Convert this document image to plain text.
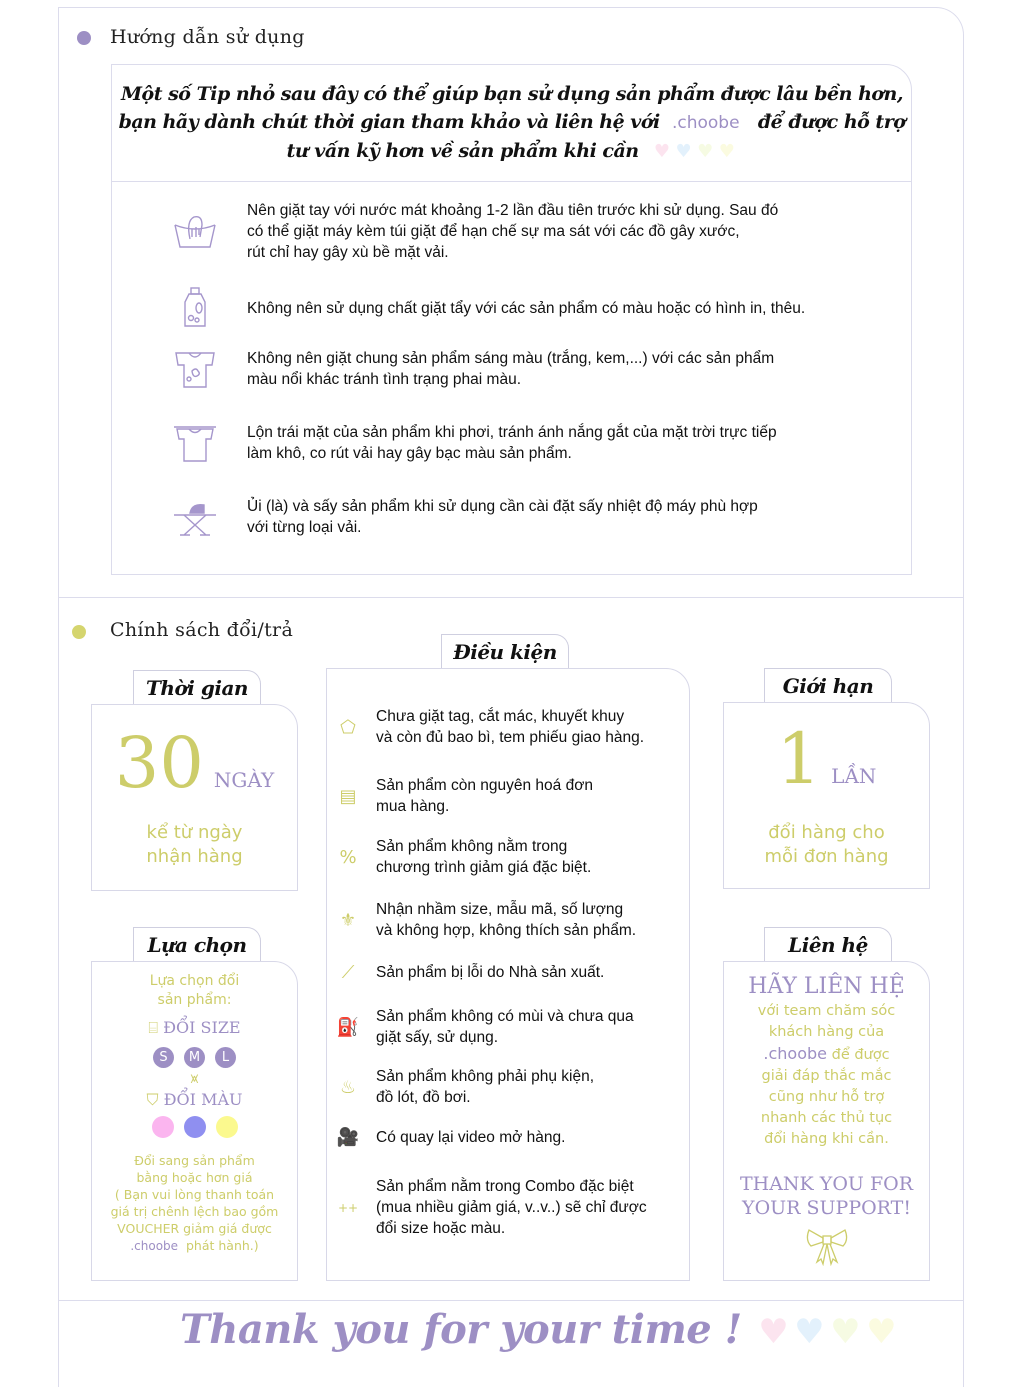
Hướng dẫn sử dụng
Một số Tip nhỏ sau đây có thể giúp bạn sử dụng sản phẩm được lâu bền hơn,
bạn hãy dành chút thời gian tham khảo và liên hệ với .choobe để được hỗ trợ
tư vấn kỹ hơn về sản phẩm khi cần ♥ ♥ ♥ ♥
Nên giặt tay với nước mát khoảng 1-2 lần đầu tiên trước khi sử dụng. Sau đó
có thể giặt máy kèm túi giặt để hạn chế sự ma sát với các đồ gây xước,
rút chỉ hay gây xù bề mặt vải.
Không nên sử dụng chất giặt tẩy với các sản phẩm có màu hoặc có hình in, thêu.
Không nên giặt chung sản phẩm sáng màu (trắng, kem,...) với các sản phẩm
màu nổi khác tránh tình trạng phai màu.
Lộn trái mặt của sản phẩm khi phơi, tránh ánh nắng gắt của mặt trời trực tiếp
làm khô, co rút vải hay gây bạc màu sản phẩm.
Ủi (là) và sấy sản phẩm khi sử dụng cần cài đặt sấy nhiệt độ máy phù hợp
với từng loại vải.
Chính sách đổi/trả
Thời gian
30 NGÀY
kể từ ngày
nhận hàng
Điều kiện
⬠	Chưa giặt tag, cắt mác, khuyết khuy
và còn đủ bao bì, tem phiếu giao hàng.
▤	Sản phẩm còn nguyên hoá đơn
mua hàng.
%	Sản phẩm không nằm trong
chương trình giảm giá đặc biệt.
⚜	Nhận nhầm size, mẫu mã, số lượng
và không hợp, không thích sản phẩm.
⟋	Sản phẩm bị lỗi do Nhà sản xuất.
⛽	Sản phẩm không có mùi và chưa qua
giặt sấy, sử dụng.
♨	Sản phẩm không phải phụ kiện,
đồ lót, đồ bơi.
🎥	Có quay lại video mở hàng.
++
Sản phẩm nằm trong Combo đặc biệt
(mua nhiều giảm giá, v..v..) sẽ chỉ được
đổi size hoặc màu.
Giới hạn
1 LẦN
đổi hàng cho
mỗi đơn hàng
Lựa chọn
Lựa chọn đổi
sản phẩm:
⌸ ĐỔI SIZE
S M L
⩙
⛉ ĐỔI MÀU
Đổi sang sản phẩm
bằng hoặc hơn giá
( Bạn vui lòng thanh toán
giá trị chênh lệch bao gồm
VOUCHER giảm giá được
.choobe phát hành.)
Liên hệ
HÃY LIÊN HỆ
với team chăm sóc
khách hàng của
.choobe để được
giải đáp thắc mắc
cũng như hỗ trợ
nhanh các thủ tục
đổi hàng khi cần.
THANK YOU FOR
YOUR SUPPORT!
Thank you for your time ! ♥ ♥ ♥ ♥
